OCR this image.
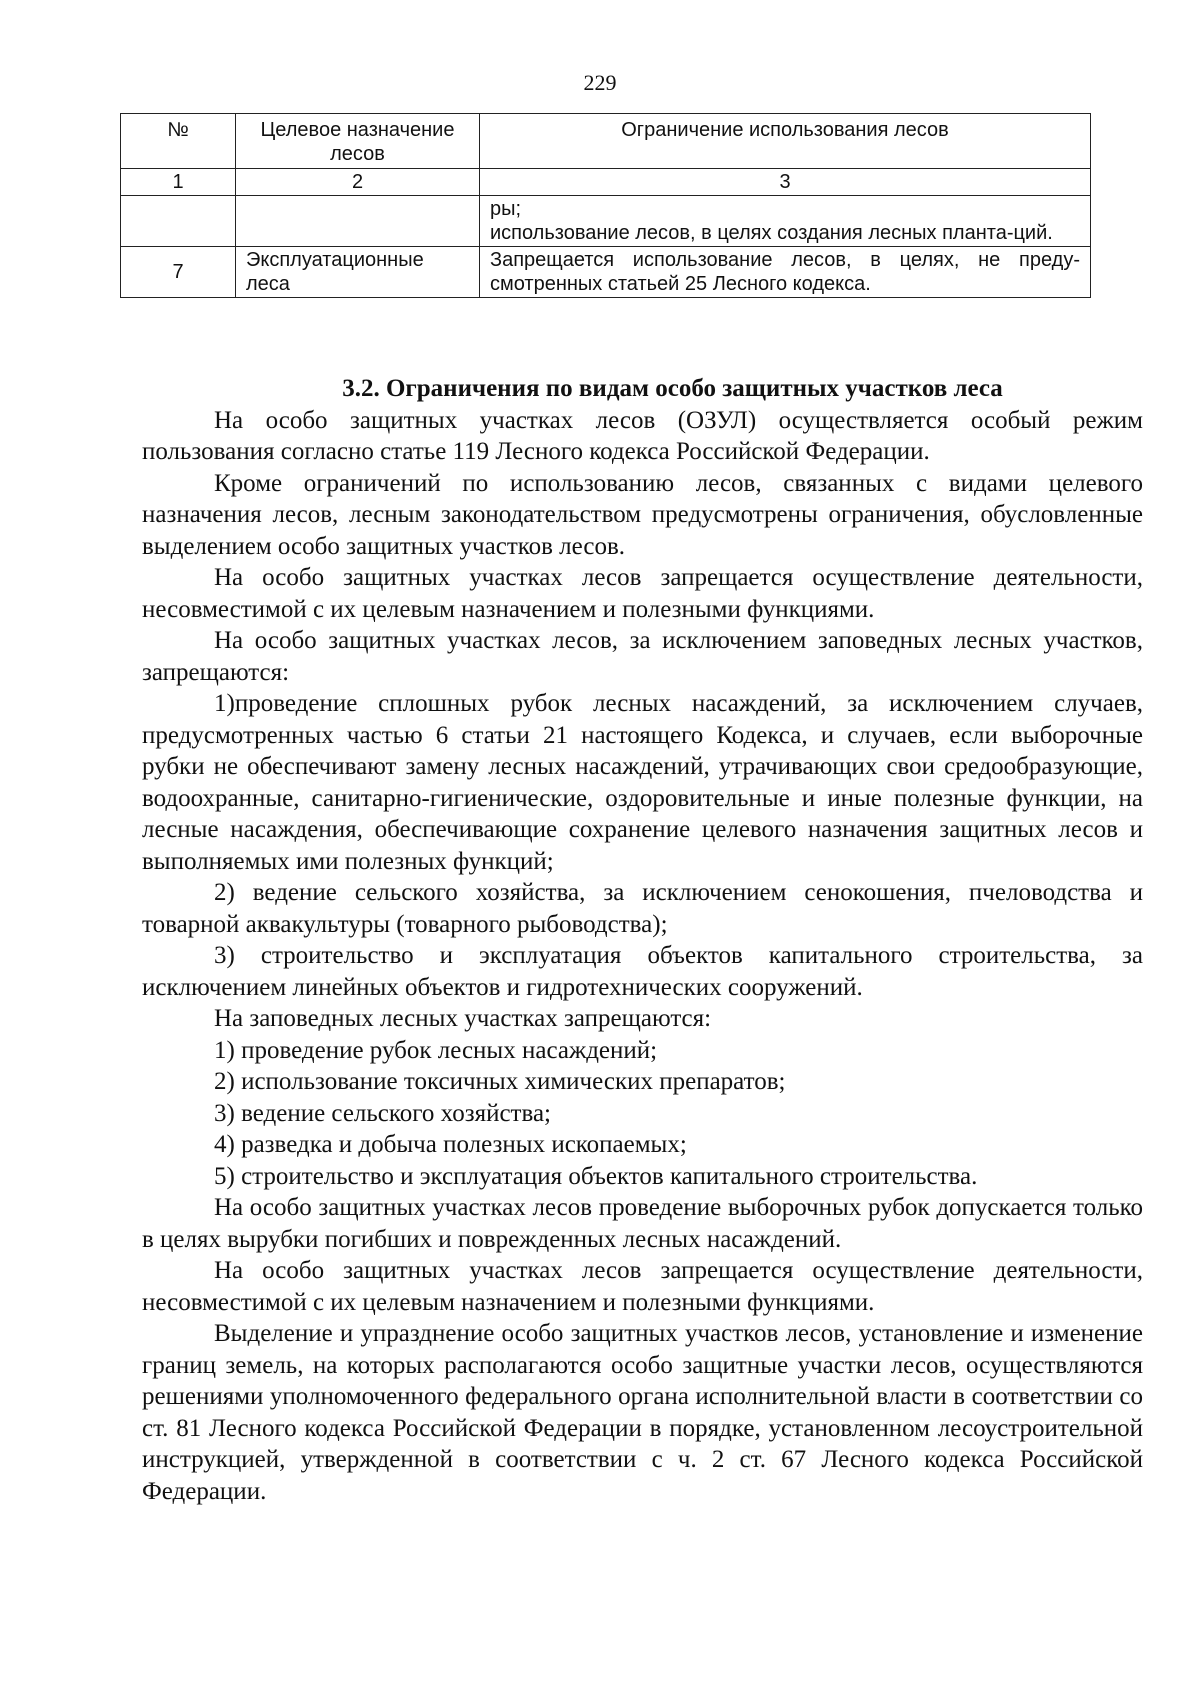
229
№	Целевое назначение лесов	Ограничение использования лесов
1	2	3

		ры;
использование лесов, в целях создания лесных планта-ций.

7	Эксплуатационные леса	Запрещается использование лесов, в целях, не преду-смотренных статьей 25 Лесного кодекса.
3.2. Ограничения по видам особо защитных участков леса

На особо защитных участках лесов (ОЗУЛ) осуществляется особый режим пользования согласно статье 119 Лесного кодекса Российской Федерации.

Кроме ограничений по использованию лесов, связанных с видами целевого назначения лесов, лесным законодательством предусмотрены ограничения, обусловленные выделением особо защитных участков лесов.

На особо защитных участках лесов запрещается осуществление деятельности, несовместимой с их целевым назначением и полезными функциями.

На особо защитных участках лесов, за исключением заповедных лесных участков, запрещаются:

1)проведение сплошных рубок лесных насаждений, за исключением случаев, предусмотренных частью 6 статьи 21 настоящего Кодекса, и случаев, если выборочные рубки не обеспечивают замену лесных насаждений, утрачивающих свои средообразующие, водоохранные, санитарно-гигиенические, оздоровительные и иные полезные функции, на лесные насаждения, обеспечивающие сохранение целевого назначения защитных лесов и выполняемых ими полезных функций;

2) ведение сельского хозяйства, за исключением сенокошения, пчеловодства и товарной аквакультуры (товарного рыбоводства);

3) строительство и эксплуатация объектов капитального строительства, за исключением линейных объектов и гидротехнических сооружений.

На заповедных лесных участках запрещаются:

1) проведение рубок лесных насаждений;

2) использование токсичных химических препаратов;

3) ведение сельского хозяйства;

4) разведка и добыча полезных ископаемых;

5) строительство и эксплуатация объектов капитального строительства.

На особо защитных участках лесов проведение выборочных рубок допускается только в целях вырубки погибших и поврежденных лесных насаждений.

На особо защитных участках лесов запрещается осуществление деятельности, несовместимой с их целевым назначением и полезными функциями.

Выделение и упразднение особо защитных участков лесов, установление и изменение границ земель, на которых располагаются особо защитные участки лесов, осуществляются решениями уполномоченного федерального органа исполнительной власти в соответствии со ст. 81 Лесного кодекса Российской Федерации в порядке, установленном лесоустроительной инструкцией, утвержденной в соответствии с ч. 2 ст. 67 Лесного кодекса Российской Федерации.
